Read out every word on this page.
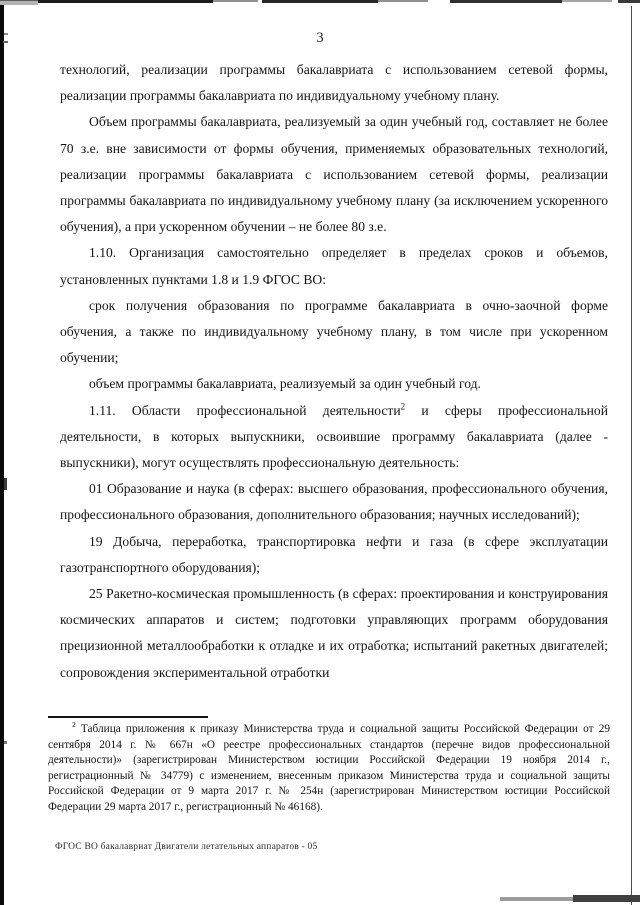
3

технологий, реализации программы бакалавриата с использованием сетевой формы, реализации программы бакалавриата по индивидуальному учебному плану.

Объем программы бакалавриата, реализуемый за один учебный год, составляет не более 70 з.е. вне зависимости от формы обучения, применяемых образовательных технологий, реализации программы бакалавриата с использованием сетевой формы, реализации программы бакалавриата по индивидуальному учебному плану (за исключением ускоренного обучения), а при ускоренном обучении – не более 80 з.е.

1.10. Организация самостоятельно определяет в пределах сроков и объемов, установленных пунктами 1.8 и 1.9 ФГОС ВО:

срок получения образования по программе бакалавриата в очно-заочной форме обучения, а также по индивидуальному учебному плану, в том числе при ускоренном обучении;

объем программы бакалавриата, реализуемый за один учебный год.

1.11. Области профессиональной деятельности$^2$ и сферы профессиональной деятельности, в которых выпускники, освоившие программу бакалавриата (далее - выпускники), могут осуществлять профессиональную деятельность:

01 Образование и наука (в сферах: высшего образования, профессионального обучения, профессионального образования, дополнительного образования; научных исследований);

19 Добыча, переработка, транспортировка нефти и газа (в сфере эксплуатации газотранспортного оборудования);

25 Ракетно-космическая промышленность (в сферах: проектирования и конструирования космических аппаратов и систем; подготовки управляющих программ оборудования прецизионной металлообработки к отладке и их отработка; испытаний ракетных двигателей; сопровождения экспериментальной отработки

$^2$ Таблица приложения к приказу Министерства труда и социальной защиты Российской Федерации от 29 сентября 2014 г. № 667н «О реестре профессиональных стандартов (перечне видов профессиональной деятельности)» (зарегистрирован Министерством юстиции Российской Федерации 19 ноября 2014 г., регистрационный № 34779) с изменением, внесенным приказом Министерства труда и социальной защиты Российской Федерации от 9 марта 2017 г. № 254н (зарегистрирован Министерством юстиции Российской Федерации 29 марта 2017 г., регистрационный № 46168).
ФГОС ВО бакалавриат Двигатели летательных аппаратов - 05
